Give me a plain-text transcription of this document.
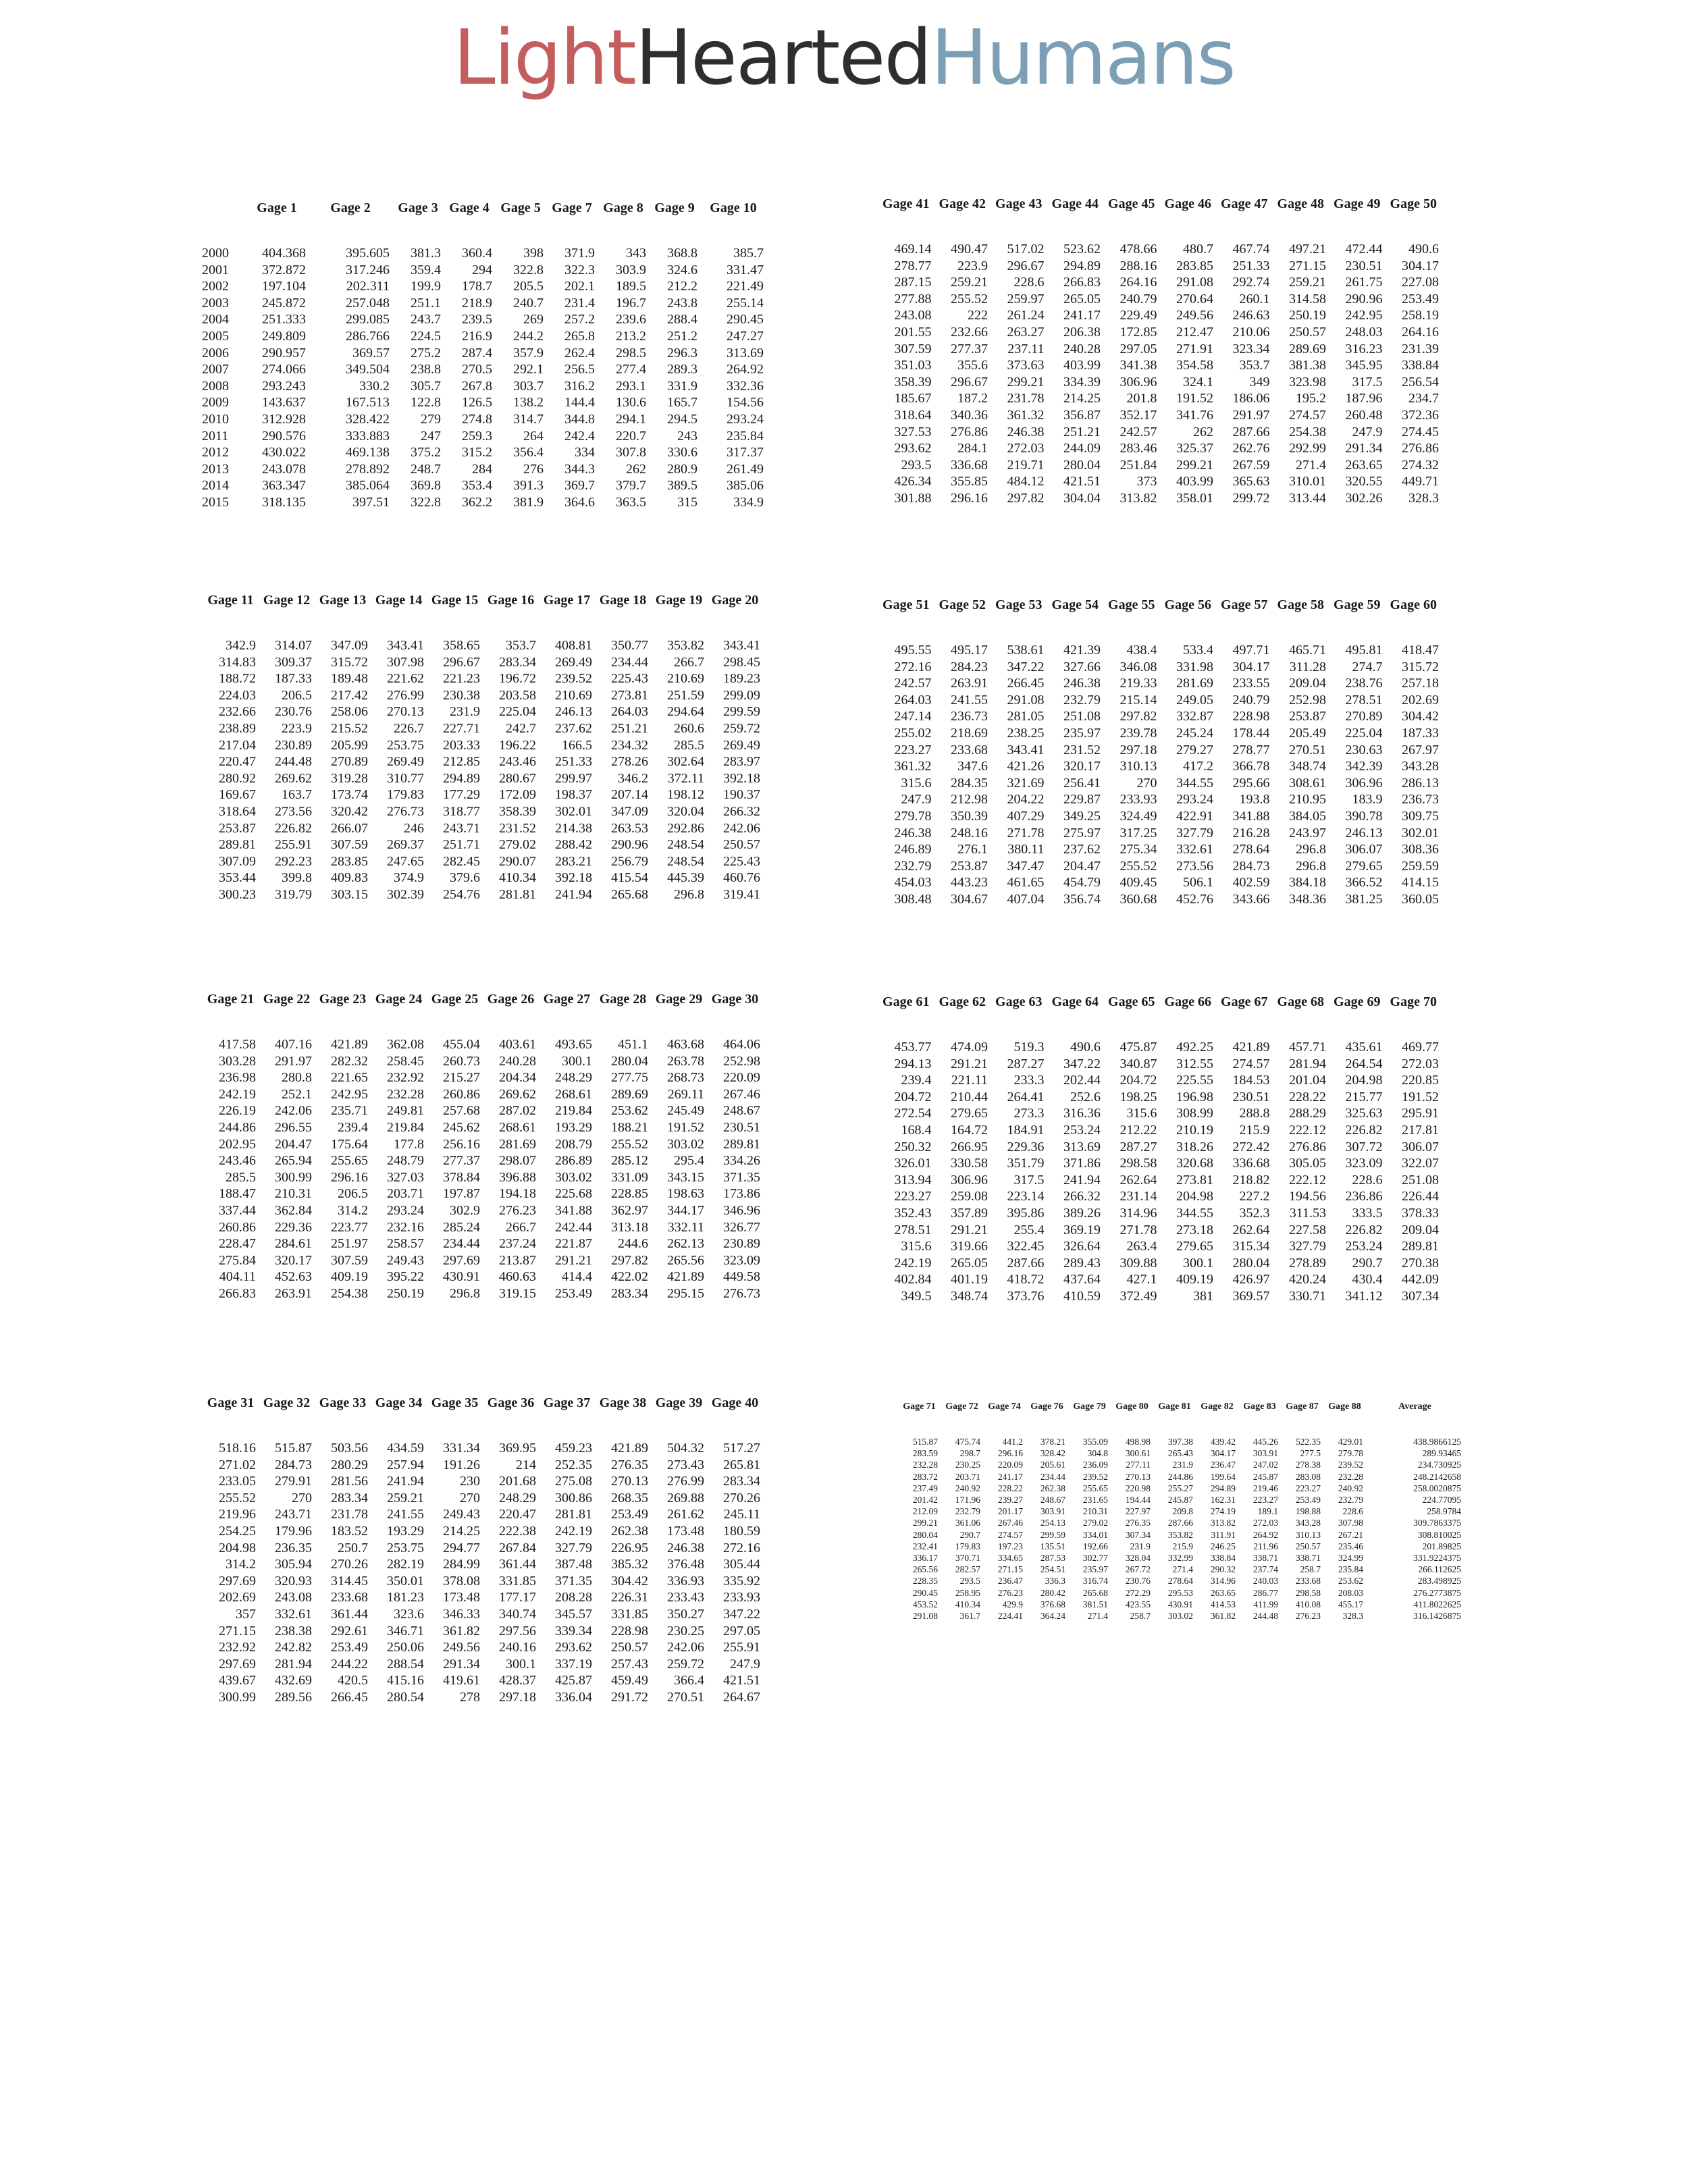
LightHeartedHumans
	Gage 1	Gage 2	Gage 3	Gage 4	Gage 5	Gage 7	Gage 8	Gage 9	Gage 10

2000	404.368	395.605	381.3	360.4	398	371.9	343	368.8	385.7
2001	372.872	317.246	359.4	294	322.8	322.3	303.9	324.6	331.47
2002	197.104	202.311	199.9	178.7	205.5	202.1	189.5	212.2	221.49
2003	245.872	257.048	251.1	218.9	240.7	231.4	196.7	243.8	255.14
2004	251.333	299.085	243.7	239.5	269	257.2	239.6	288.4	290.45
2005	249.809	286.766	224.5	216.9	244.2	265.8	213.2	251.2	247.27
2006	290.957	369.57	275.2	287.4	357.9	262.4	298.5	296.3	313.69
2007	274.066	349.504	238.8	270.5	292.1	256.5	277.4	289.3	264.92
2008	293.243	330.2	305.7	267.8	303.7	316.2	293.1	331.9	332.36
2009	143.637	167.513	122.8	126.5	138.2	144.4	130.6	165.7	154.56
2010	312.928	328.422	279	274.8	314.7	344.8	294.1	294.5	293.24
2011	290.576	333.883	247	259.3	264	242.4	220.7	243	235.84
2012	430.022	469.138	375.2	315.2	356.4	334	307.8	330.6	317.37
2013	243.078	278.892	248.7	284	276	344.3	262	280.9	261.49
2014	363.347	385.064	369.8	353.4	391.3	369.7	379.7	389.5	385.06
2015	318.135	397.51	322.8	362.2	381.9	364.6	363.5	315	334.9
Gage 11	Gage 12	Gage 13	Gage 14	Gage 15	Gage 16	Gage 17	Gage 18	Gage 19	Gage 20

342.9	314.07	347.09	343.41	358.65	353.7	408.81	350.77	353.82	343.41
314.83	309.37	315.72	307.98	296.67	283.34	269.49	234.44	266.7	298.45
188.72	187.33	189.48	221.62	221.23	196.72	239.52	225.43	210.69	189.23
224.03	206.5	217.42	276.99	230.38	203.58	210.69	273.81	251.59	299.09
232.66	230.76	258.06	270.13	231.9	225.04	246.13	264.03	294.64	299.59
238.89	223.9	215.52	226.7	227.71	242.7	237.62	251.21	260.6	259.72
217.04	230.89	205.99	253.75	203.33	196.22	166.5	234.32	285.5	269.49
220.47	244.48	270.89	269.49	212.85	243.46	251.33	278.26	302.64	283.97
280.92	269.62	319.28	310.77	294.89	280.67	299.97	346.2	372.11	392.18
169.67	163.7	173.74	179.83	177.29	172.09	198.37	207.14	198.12	190.37
318.64	273.56	320.42	276.73	318.77	358.39	302.01	347.09	320.04	266.32
253.87	226.82	266.07	246	243.71	231.52	214.38	263.53	292.86	242.06
289.81	255.91	307.59	269.37	251.71	279.02	288.42	290.96	248.54	250.57
307.09	292.23	283.85	247.65	282.45	290.07	283.21	256.79	248.54	225.43
353.44	399.8	409.83	374.9	379.6	410.34	392.18	415.54	445.39	460.76
300.23	319.79	303.15	302.39	254.76	281.81	241.94	265.68	296.8	319.41
Gage 21	Gage 22	Gage 23	Gage 24	Gage 25	Gage 26	Gage 27	Gage 28	Gage 29	Gage 30

417.58	407.16	421.89	362.08	455.04	403.61	493.65	451.1	463.68	464.06
303.28	291.97	282.32	258.45	260.73	240.28	300.1	280.04	263.78	252.98
236.98	280.8	221.65	232.92	215.27	204.34	248.29	277.75	268.73	220.09
242.19	252.1	242.95	232.28	260.86	269.62	268.61	289.69	269.11	267.46
226.19	242.06	235.71	249.81	257.68	287.02	219.84	253.62	245.49	248.67
244.86	296.55	239.4	219.84	245.62	268.61	193.29	188.21	191.52	230.51
202.95	204.47	175.64	177.8	256.16	281.69	208.79	255.52	303.02	289.81
243.46	265.94	255.65	248.79	277.37	298.07	286.89	285.12	295.4	334.26
285.5	300.99	296.16	327.03	378.84	396.88	303.02	331.09	343.15	371.35
188.47	210.31	206.5	203.71	197.87	194.18	225.68	228.85	198.63	173.86
337.44	362.84	314.2	293.24	302.9	276.23	341.88	362.97	344.17	346.96
260.86	229.36	223.77	232.16	285.24	266.7	242.44	313.18	332.11	326.77
228.47	284.61	251.97	258.57	234.44	237.24	221.87	244.6	262.13	230.89
275.84	320.17	307.59	249.43	297.69	213.87	291.21	297.82	265.56	323.09
404.11	452.63	409.19	395.22	430.91	460.63	414.4	422.02	421.89	449.58
266.83	263.91	254.38	250.19	296.8	319.15	253.49	283.34	295.15	276.73
Gage 31	Gage 32	Gage 33	Gage 34	Gage 35	Gage 36	Gage 37	Gage 38	Gage 39	Gage 40

518.16	515.87	503.56	434.59	331.34	369.95	459.23	421.89	504.32	517.27
271.02	284.73	280.29	257.94	191.26	214	252.35	276.35	273.43	265.81
233.05	279.91	281.56	241.94	230	201.68	275.08	270.13	276.99	283.34
255.52	270	283.34	259.21	270	248.29	300.86	268.35	269.88	270.26
219.96	243.71	231.78	241.55	249.43	220.47	281.81	253.49	261.62	245.11
254.25	179.96	183.52	193.29	214.25	222.38	242.19	262.38	173.48	180.59
204.98	236.35	250.7	253.75	294.77	267.84	327.79	226.95	246.38	272.16
314.2	305.94	270.26	282.19	284.99	361.44	387.48	385.32	376.48	305.44
297.69	320.93	314.45	350.01	378.08	331.85	371.35	304.42	336.93	335.92
202.69	243.08	233.68	181.23	173.48	177.17	208.28	226.31	233.43	233.93
357	332.61	361.44	323.6	346.33	340.74	345.57	331.85	350.27	347.22
271.15	238.38	292.61	346.71	361.82	297.56	339.34	228.98	230.25	297.05
232.92	242.82	253.49	250.06	249.56	240.16	293.62	250.57	242.06	255.91
297.69	281.94	244.22	288.54	291.34	300.1	337.19	257.43	259.72	247.9
439.67	432.69	420.5	415.16	419.61	428.37	425.87	459.49	366.4	421.51
300.99	289.56	266.45	280.54	278	297.18	336.04	291.72	270.51	264.67
Gage 41	Gage 42	Gage 43	Gage 44	Gage 45	Gage 46	Gage 47	Gage 48	Gage 49	Gage 50

469.14	490.47	517.02	523.62	478.66	480.7	467.74	497.21	472.44	490.6
278.77	223.9	296.67	294.89	288.16	283.85	251.33	271.15	230.51	304.17
287.15	259.21	228.6	266.83	264.16	291.08	292.74	259.21	261.75	227.08
277.88	255.52	259.97	265.05	240.79	270.64	260.1	314.58	290.96	253.49
243.08	222	261.24	241.17	229.49	249.56	246.63	250.19	242.95	258.19
201.55	232.66	263.27	206.38	172.85	212.47	210.06	250.57	248.03	264.16
307.59	277.37	237.11	240.28	297.05	271.91	323.34	289.69	316.23	231.39
351.03	355.6	373.63	403.99	341.38	354.58	353.7	381.38	345.95	338.84
358.39	296.67	299.21	334.39	306.96	324.1	349	323.98	317.5	256.54
185.67	187.2	231.78	214.25	201.8	191.52	186.06	195.2	187.96	234.7
318.64	340.36	361.32	356.87	352.17	341.76	291.97	274.57	260.48	372.36
327.53	276.86	246.38	251.21	242.57	262	287.66	254.38	247.9	274.45
293.62	284.1	272.03	244.09	283.46	325.37	262.76	292.99	291.34	276.86
293.5	336.68	219.71	280.04	251.84	299.21	267.59	271.4	263.65	274.32
426.34	355.85	484.12	421.51	373	403.99	365.63	310.01	320.55	449.71
301.88	296.16	297.82	304.04	313.82	358.01	299.72	313.44	302.26	328.3
Gage 51	Gage 52	Gage 53	Gage 54	Gage 55	Gage 56	Gage 57	Gage 58	Gage 59	Gage 60

495.55	495.17	538.61	421.39	438.4	533.4	497.71	465.71	495.81	418.47
272.16	284.23	347.22	327.66	346.08	331.98	304.17	311.28	274.7	315.72
242.57	263.91	266.45	246.38	219.33	281.69	233.55	209.04	238.76	257.18
264.03	241.55	291.08	232.79	215.14	249.05	240.79	252.98	278.51	202.69
247.14	236.73	281.05	251.08	297.82	332.87	228.98	253.87	270.89	304.42
255.02	218.69	238.25	235.97	239.78	245.24	178.44	205.49	225.04	187.33
223.27	233.68	343.41	231.52	297.18	279.27	278.77	270.51	230.63	267.97
361.32	347.6	421.26	320.17	310.13	417.2	366.78	348.74	342.39	343.28
315.6	284.35	321.69	256.41	270	344.55	295.66	308.61	306.96	286.13
247.9	212.98	204.22	229.87	233.93	293.24	193.8	210.95	183.9	236.73
279.78	350.39	407.29	349.25	324.49	422.91	341.88	384.05	390.78	309.75
246.38	248.16	271.78	275.97	317.25	327.79	216.28	243.97	246.13	302.01
246.89	276.1	380.11	237.62	275.34	332.61	278.64	296.8	306.07	308.36
232.79	253.87	347.47	204.47	255.52	273.56	284.73	296.8	279.65	259.59
454.03	443.23	461.65	454.79	409.45	506.1	402.59	384.18	366.52	414.15
308.48	304.67	407.04	356.74	360.68	452.76	343.66	348.36	381.25	360.05
Gage 61	Gage 62	Gage 63	Gage 64	Gage 65	Gage 66	Gage 67	Gage 68	Gage 69	Gage 70

453.77	474.09	519.3	490.6	475.87	492.25	421.89	457.71	435.61	469.77
294.13	291.21	287.27	347.22	340.87	312.55	274.57	281.94	264.54	272.03
239.4	221.11	233.3	202.44	204.72	225.55	184.53	201.04	204.98	220.85
204.72	210.44	264.41	252.6	198.25	196.98	230.51	228.22	215.77	191.52
272.54	279.65	273.3	316.36	315.6	308.99	288.8	288.29	325.63	295.91
168.4	164.72	184.91	253.24	212.22	210.19	215.9	222.12	226.82	217.81
250.32	266.95	229.36	313.69	287.27	318.26	272.42	276.86	307.72	306.07
326.01	330.58	351.79	371.86	298.58	320.68	336.68	305.05	323.09	322.07
313.94	306.96	317.5	241.94	262.64	273.81	218.82	222.12	228.6	251.08
223.27	259.08	223.14	266.32	231.14	204.98	227.2	194.56	236.86	226.44
352.43	357.89	395.86	389.26	314.96	344.55	352.3	311.53	333.5	378.33
278.51	291.21	255.4	369.19	271.78	273.18	262.64	227.58	226.82	209.04
315.6	319.66	322.45	326.64	263.4	279.65	315.34	327.79	253.24	289.81
242.19	265.05	287.66	289.43	309.88	300.1	280.04	278.89	290.7	270.38
402.84	401.19	418.72	437.64	427.1	409.19	426.97	420.24	430.4	442.09
349.5	348.74	373.76	410.59	372.49	381	369.57	330.71	341.12	307.34
Gage 71	Gage 72	Gage 74	Gage 76	Gage 79	Gage 80	Gage 81	Gage 82	Gage 83	Gage 87	Gage 88	Average

515.87	475.74	441.2	378.21	355.09	498.98	397.38	439.42	445.26	522.35	429.01	438.9866125
283.59	298.7	296.16	328.42	304.8	300.61	265.43	304.17	303.91	277.5	279.78	289.93465
232.28	230.25	220.09	205.61	236.09	277.11	231.9	236.47	247.02	278.38	239.52	234.730925
283.72	203.71	241.17	234.44	239.52	270.13	244.86	199.64	245.87	283.08	232.28	248.2142658
237.49	240.92	228.22	262.38	255.65	220.98	255.27	294.89	219.46	223.27	240.92	258.0020875
201.42	171.96	239.27	248.67	231.65	194.44	245.87	162.31	223.27	253.49	232.79	224.77095
212.09	232.79	201.17	303.91	210.31	227.97	209.8	274.19	189.1	198.88	228.6	258.9784
299.21	361.06	267.46	254.13	279.02	276.35	287.66	313.82	272.03	343.28	307.98	309.7863375
280.04	290.7	274.57	299.59	334.01	307.34	353.82	311.91	264.92	310.13	267.21	308.810025
232.41	179.83	197.23	135.51	192.66	231.9	215.9	246.25	211.96	250.57	235.46	201.89825
336.17	370.71	334.65	287.53	302.77	328.04	332.99	338.84	338.71	338.71	324.99	331.9224375
265.56	282.57	271.15	254.51	235.97	267.72	271.4	290.32	237.74	258.7	235.84	266.112625
228.35	293.5	236.47	336.3	316.74	230.76	278.64	314.96	240.03	233.68	253.62	283.498925
290.45	258.95	276.23	280.42	265.68	272.29	295.53	263.65	286.77	298.58	208.03	276.2773875
453.52	410.34	429.9	376.68	381.51	423.55	430.91	414.53	411.99	410.08	455.17	411.8022625
291.08	361.7	224.41	364.24	271.4	258.7	303.02	361.82	244.48	276.23	328.3	316.1426875
